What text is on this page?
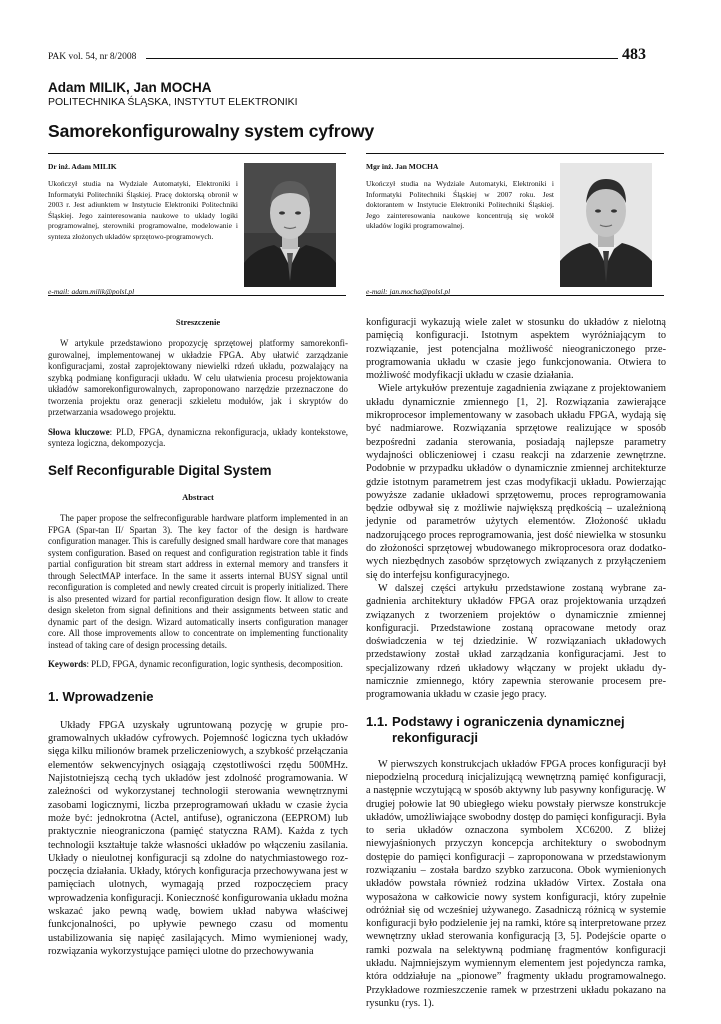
PAK vol. 54, nr 8/2008	483
Adam MILIK, Jan MOCHA
POLITECHNIKA ŚLĄSKA, INSTYTUT ELEKTRONIKI
Samorekonfigurowalny system cyfrowy
Dr inż. Adam MILIK
Ukończył studia na Wydziale Automatyki, Elektroniki i Informatyki Politechniki Śląskiej. Pracę doktorską obronił w 2003 r. Jest adiunktem w Instytucie Elektroniki Politechniki Śląskiej. Jego zainteresowania naukowe to układy logiki programowalnej, sterowniki programowalne, modelowanie i synteza złożonych układów sprzętowo-programowych.
e-mail: adam.milik@polsl.pl
Mgr inż. Jan MOCHA
Ukończył studia na Wydziale Automatyki, Elektroniki i Informatyki Politechniki Śląskiej w 2007 roku. Jest doktorantem w Instytucie Elektroniki Politechniki Śląskiej. Jego zainteresowania naukowe koncentrują się wokół układów logiki programowalnej.
e-mail: jan.mocha@polsl.pl
Streszczenie
W artykule przedstawiono propozycję sprzętowej platformy samorekonfigurowalnej, implementowanej w układzie FPGA. Aby ułatwić zarządzanie konfiguracjami, został zaprojektowany niewielki rdzeń układu, pozwalający na szybką podmianę konfiguracji układu. W celu ułatwienia procesu projektowania układów samorekonfigurowalnych, zaproponowano narzędzie przeznaczone do tworzenia projektu oraz generacji szkieletu modułów, jak i skryptów do przetwarzania wsadowego projektu.
Słowa kluczowe: PLD, FPGA, dynamiczna rekonfiguracja, układy kontekstowe, synteza logiczna, dekompozycja.
Self Reconfigurable Digital System
Abstract
The paper propose the selfreconfigurable hardware platform implemented in an FPGA (Spar-tan II/ Spartan 3). The key factor of the design is hardware configuration manager. This is carefully designed small hardware core that manages system configuration. Based on request and configuration registration table it finds partial configuration bit stream start address in external memory and transfers it through SelectMAP interface. In the same it asserts internal BUSY signal until reconfiguration is completed and newly created circuit is properly initialized. There is also presented wizard for partial reconfiguration design flow. It allow to create design skeleton from signal definitions and their assignments between static and dynamic part of the design. Wizard automatically inserts configuration manager core. All those improvements allow to concentrate on implementing functionality instead of taking care of design processing details.
Keywords: PLD, FPGA, dynamic reconfiguration, logic synthesis, decomposition.
1. Wprowadzenie
Układy FPGA uzyskały ugruntowaną pozycję w grupie programowalnych układów cyfrowych. Pojemność logiczna tych układów sięga kilku milionów bramek przeliczeniowych, a szybkość przełączania elementów sekwencyjnych osiągają częstotliwości rzędu 500MHz. Najistotniejszą cechą tych układów jest zdolność programowania. W zależności od wykorzystanej technologii sterowania wewnętrznymi zasobami logicznymi, liczba przeprogramowań układu w czasie życia może być: jednokrotna (Actel, antifuse), ograniczona (EEPROM) lub praktycznie nieograniczona (pamięć statyczna RAM). Każda z tych technologii kształtuje także własności układów po włączeniu zasilania. Układy o nieulotnej konfiguracji są zdolne do natychmiastowego rozpoczęcia działania. Układy, których konfiguracja przechowywana jest w pamięciach ulotnych, wymagają przed rozpoczęciem pracy wprowadzenia konfiguracji. Konieczność konfigurowania układu można wskazać jako pewną wadę, bowiem układ nabywa właściwej funkcjonalności, po upływie pewnego czasu od momentu ustabilizowania się napięć zasilających. Mimo wymienionej wady, rozwiązania wykorzystujące pamięci ulotne do przechowywania
konfiguracji wykazują wiele zalet w stosunku do układów z nielotną pamięcią konfiguracji. Istotnym aspektem wyróżniającym to rozwiązanie, jest potencjalna możliwość nieograniczonego przeprogramowania układu w czasie jego funkcjonowania. Otwiera to możliwość modyfikacji układu w czasie działania.
Wiele artykułów prezentuje zagadnienia związane z projektowaniem układu dynamicznie zmiennego [1, 2]. Rozwiązania zawierające mikroprocesor implementowany w zasobach układu FPGA, wydają się być nadmiarowe. Rozwiązania sprzętowe realizujące w sposób bezpośredni zadania sterowania, posiadają najlepsze parametry wydajności obliczeniowej i czasu reakcji na zdarzenie zewnętrzne. Podobnie w przypadku układów o dynamicznie zmiennej architekturze gdzie istotnym parametrem jest czas modyfikacji układu. Powierzając powyższe zadanie układowi sprzętowemu, proces reprogramowania będzie odbywał się z możliwie największą prędkością – uzależnioną jedynie od parametrów użytych elementów. Złożoność układu nadzorującego proces reprogramowania, jest dość niewielka w stosunku do złożoności sprzętowej wbudowanego mikroprocesora oraz dodatkowych niezbędnych zasobów sprzętowych związanych z przyłączeniem się do interfejsu konfiguracyjnego.
W dalszej części artykułu przedstawione zostaną wybrane zagadnienia architektury układów FPGA oraz projektowania urządzeń związanych z tworzeniem projektów o dynamicznie zmiennej konfiguracji. Przedstawione zostaną opracowane metody oraz doświadczenia w tej dziedzinie. W rozwiązaniach układowych przedstawiony został układ zarządzania konfiguracjami. Jest to specjalizowany rdzeń układowy włączany w projekt układu dynamicznie zmiennego, który zapewnia sterowanie procesem preprogramowania układu w czasie jego pracy.
1.1. Podstawy i ograniczenia dynamicznej rekonfiguracji
W pierwszych konstrukcjach układów FPGA proces konfiguracji był niepodzielną procedurą inicjalizującą wewnętrzną pamięć konfiguracji, a następnie wczytującą w sposób aktywny lub pasywny konfigurację. W drugiej połowie lat 90 ubiegłego wieku powstały pierwsze konstrukcje układów, umożliwiające swobodny dostęp do pamięci konfiguracji. Była to seria układów oznaczona symbolem XC6200. Z bliżej niewyjaśnionych przyczyn koncepcja architektury o swobodnym dostępie do pamięci konfiguracji – zaproponowana w przedstawionym rozwiązaniu – została bardzo szybko zarzucona. Obok wymienionych układów powstała również rodzina układów Virtex. Została ona wyposażona w całkowicie nowy system konfiguracji, który zupełnie odróżniał się od wcześniej używanego. Zasadniczą różnicą w systemie konfiguracji było podzielenie jej na ramki, które są interpretowane przez wewnętrzny układ sterowania konfiguracją [3, 5]. Podejście oparte o ramki pozwala na selektywną podmianę fragmentów konfiguracji układu. Najmniejszym wymiennym elementem jest pojedyncza ramka, która oddziałuje na „pionowe” fragmenty układu programowalnego. Przykładowe rozmieszczenie ramek w przestrzeni układu pokazano na rysunku (rys. 1).
